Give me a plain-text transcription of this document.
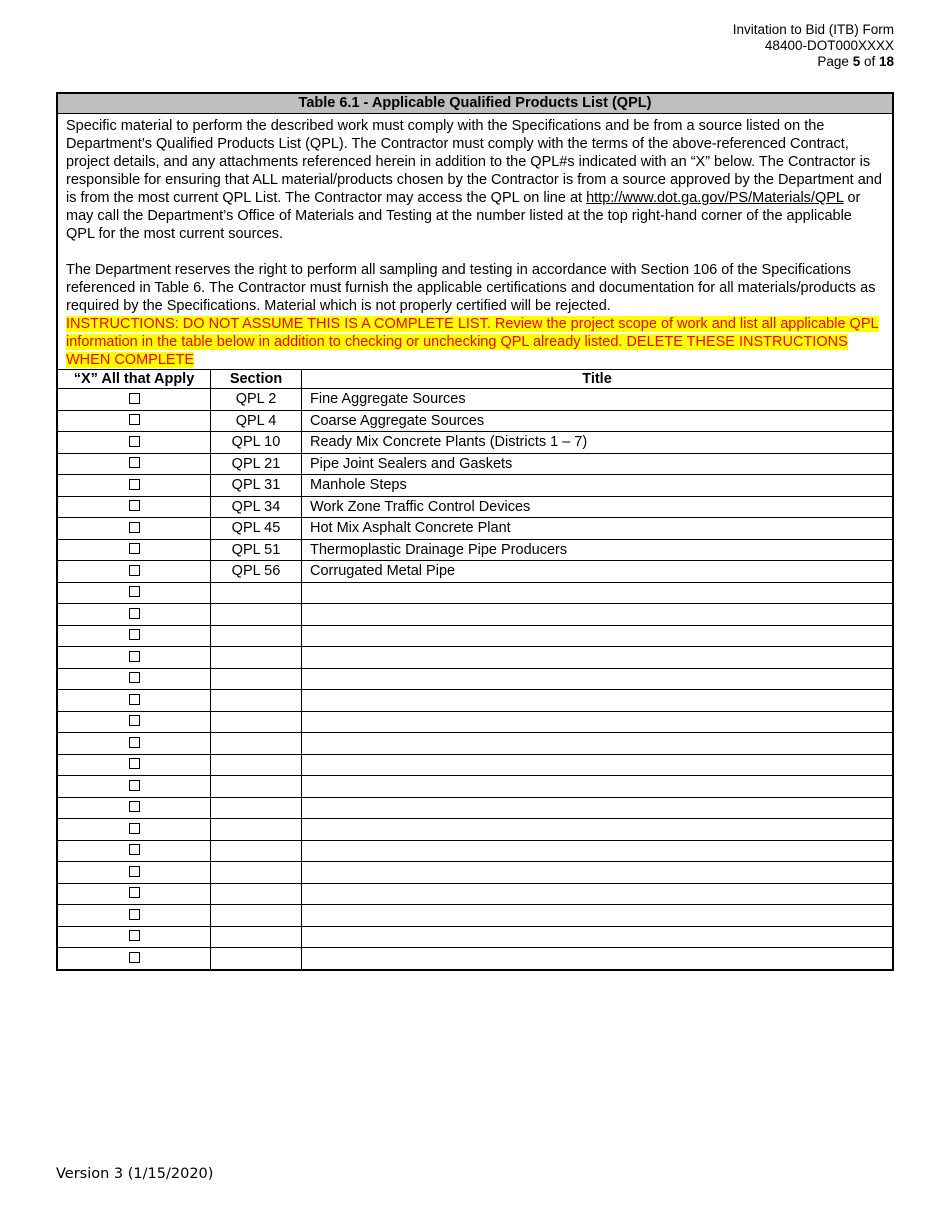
Invitation to Bid (ITB) Form
48400-DOT000XXXX
Page 5 of 18
Table 6.1 - Applicable Qualified Products List (QPL)

Specific material to perform the described work must comply with the Specifications and be from a source listed on the Department’s Qualified Products List (QPL). The Contractor must comply with the terms of the above-referenced Contract, project details, and any attachments referenced herein in addition to the QPL#s indicated with an “X” below. The Contractor is responsible for ensuring that ALL material/products chosen by the Contractor is from a source approved by the Department and is from the most current QPL List. The Contractor may access the QPL on line at http://www.dot.ga.gov/PS/Materials/QPL or may call the Department’s Office of Materials and Testing at the number listed at the top right-hand corner of the applicable QPL for the most current sources.

The Department reserves the right to perform all sampling and testing in accordance with Section 106 of the Specifications referenced in Table 6. The Contractor must furnish the applicable certifications and documentation for all materials/products as required by the Specifications. Material which is not properly certified will be rejected.
INSTRUCTIONS: DO NOT ASSUME THIS IS A COMPLETE LIST. Review the project scope of work and list all applicable QPL information in the table below in addition to checking or unchecking QPL already listed. DELETE THESE INSTRUCTIONS WHEN COMPLETE

“X” All that Apply	Section	Title
	QPL 2	Fine Aggregate Sources
	QPL 4	Coarse Aggregate Sources
	QPL 10	Ready Mix Concrete Plants (Districts 1 – 7)
	QPL 21	Pipe Joint Sealers and Gaskets
	QPL 31	Manhole Steps
	QPL 34	Work Zone Traffic Control Devices
	QPL 45	Hot Mix Asphalt Concrete Plant
	QPL 51	Thermoplastic Drainage Pipe Producers
	QPL 56	Corrugated Metal Pipe

Version 3 (1/15/2020)
